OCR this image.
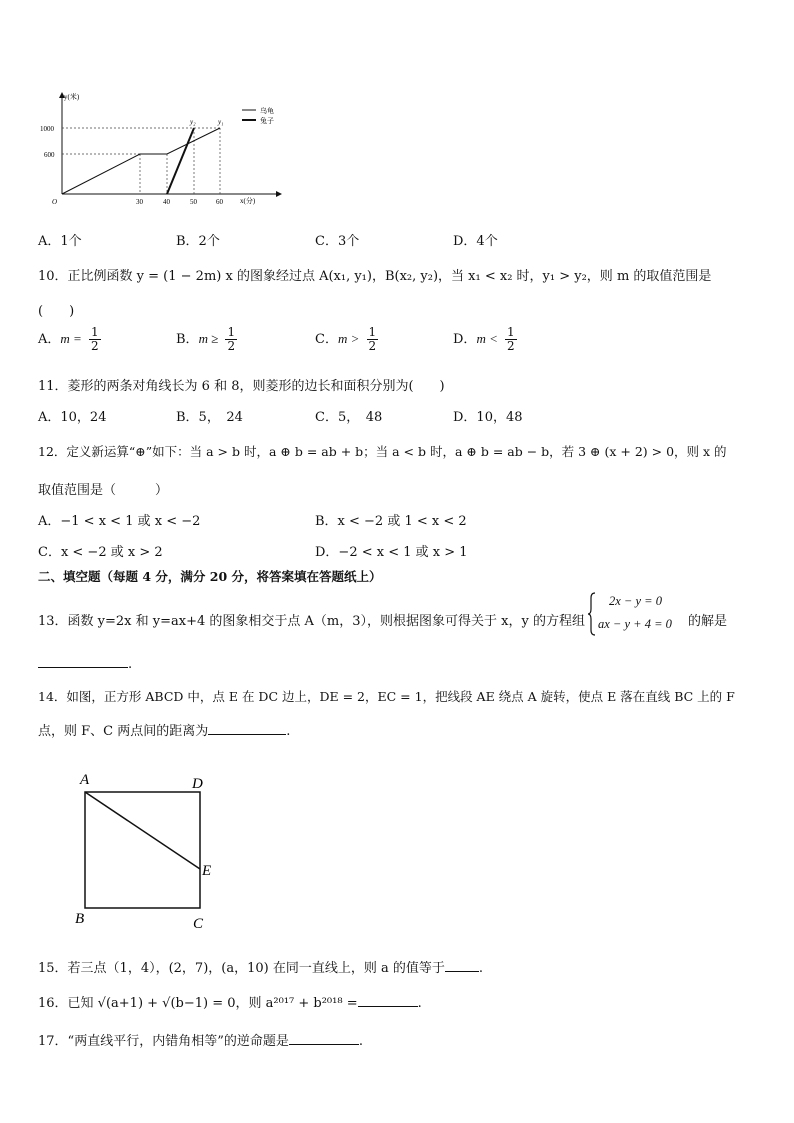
y(米)
O
1000
600
30	40	50	60 x(分)
y₂	y₁
乌龟
兔子
A．1个	B．2个	C．3个	D．4个
10．正比例函数 y = (1 − 2m) x 的图象经过点 A(x₁, y₁)，B(x₂, y₂)，当 x₁ < x₂ 时，y₁ > y₂，则 m 的取值范围是
(　　)
A．$m = \frac{1}{2}$	B．$m \ge \frac{1}{2}$	C．$m > \frac{1}{2}$	D．$m < \frac{1}{2}$
11．菱形的两条对角线长为 6 和 8，则菱形的边长和面积分别为(　　)
A．10，24	B．5，　24	C．5，　48	D．10，48
12．定义新运算“⊕”如下：当 a > b 时，a ⊕ b = ab + b；当 a < b 时，a ⊕ b = ab − b，若 3 ⊕ (x + 2) > 0，则 x 的
取值范围是（　　　）
A．−1 < x < 1 或 x < −2	B．x < −2 或 1 < x < 2
C．x < −2 或 x > 2	D．−2 < x < 1 或 x > 1
二、填空题（每题 4 分，满分 20 分，将答案填在答题纸上）
13．函数 y=2x 和 y=ax+4 的图象相交于点 A（m，3），则根据图象可得关于 x，y 的方程组
2x − y = 0
ax − y + 4 = 0 的解是
.
14．如图，正方形 ABCD 中，点 E 在 DC 边上，DE = 2，EC = 1，把线段 AE 绕点 A 旋转，使点 E 落在直线 BC 上的 F
点，则 F、C 两点间的距离为	.
A	D
E
B	C
15．若三点（1，4），(2，7)，(a，10) 在同一直线上，则 a 的值等于	.
16．已知 √(a+1) + √(b−1) = 0，则 a²⁰¹⁷ + b²⁰¹⁸ =	.
17．“两直线平行，内错角相等”的逆命题是	.
